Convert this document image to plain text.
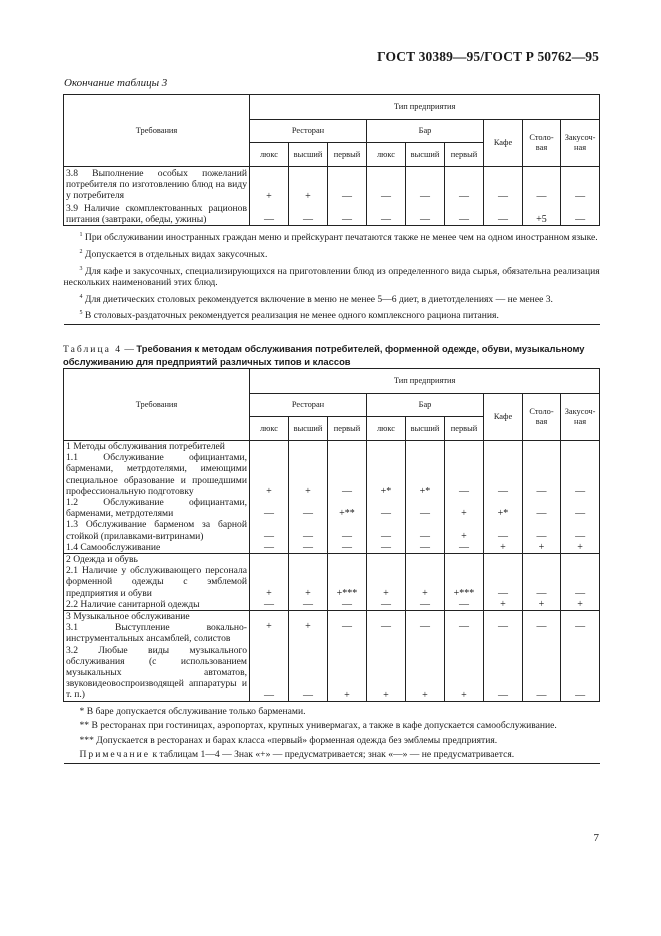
ГОСТ 30389—95/ГОСТ Р 50762—95
Окончание таблицы 3
Требования	Тип предприятия								
	Ресторан			Бар			Кафе	Столо-вая	Закусоч-ная
	люкс	высший	первый	люкс	высший	первый			
3.8 Выполнение особых пожеланий потребителя по изготовлению блюд на виду у потребителя	+	+	—	—	—	—	—	—	—
3.9 Наличие скомплектованных рационов питания (завтраки, обеды, ужины)	—	—	—	—	—	—	—	+5	—

$^1$ При обслуживании иностранных граждан меню и прейскурант печатаются также не менее чем на одном иностранном языке.

$^2$ Допускается в отдельных видах закусочных.

$^3$ Для кафе и закусочных, специализирующихся на приготовлении блюд из определенного вида сырья, обязательна реализация нескольких наименований этих блюд.

$^4$ Для диетических столовых рекомендуется включение в меню не менее 5—6 диет, в диетотделениях — не менее 3.

$^5$ В столовых-раздаточных рекомендуется реализация не менее одного комплексного рациона питания.									

Таблица 4 — Требования к методам обслуживания потребителей, форменной одежде, обуви, музыкальному обслуживанию для предприятий различных типов и классов
Требования	Тип предприятия								
	Ресторан			Бар			Кафе	Столо-вая	Закусоч-ная
	люкс	высший	первый	люкс	высший	первый			
1 Методы обслуживания потребителей									
1.1 Обслуживание официантами, барменами, метрдотелями, имеющими специальное образование и прошедшими профессиональную подготовку	+	+	—	+*	+*	—	—	—	—
1.2 Обслуживание официантами, барменами, метрдотелями	—	—	+**	—	—	+	+*	—	—
1.3 Обслуживание барменом за барной стойкой (прилавками-витринами)	—	—	—	—	—	+	—	—	—
1.4 Самообслуживание	—	—	—	—	—	—	+	+	+
2 Одежда и обувь									
2.1 Наличие у обслуживающего персонала форменной одежды с эмблемой предприятия и обуви	+	+	+***	+	+	+***	—	—	—
2.2 Наличие санитарной одежды	—	—	—	—	—	—	+	+	+
3 Музыкальное обслуживание									
3.1 Выступление вокально-инструментальных ансамблей, солистов	+	+	—	—	—	—	—	—	—
3.2 Любые виды музыкального обслуживания (с использованием музыкальных автоматов, звуковидеовоспроизводящей аппаратуры и т. п.)	—	—	+	+	+	+	—	—	—

* В баре допускается обслуживание только барменами.

** В ресторанах при гостиницах, аэропортах, крупных универмагах, а также в кафе допускается самообслуживание.

*** Допускается в ресторанах и барах класса «первый» форменная одежда без эмблемы предприятия.

Примечание к таблицам 1—4 — Знак «+» — предусматривается; знак «—» — не предусматривается.									

7
